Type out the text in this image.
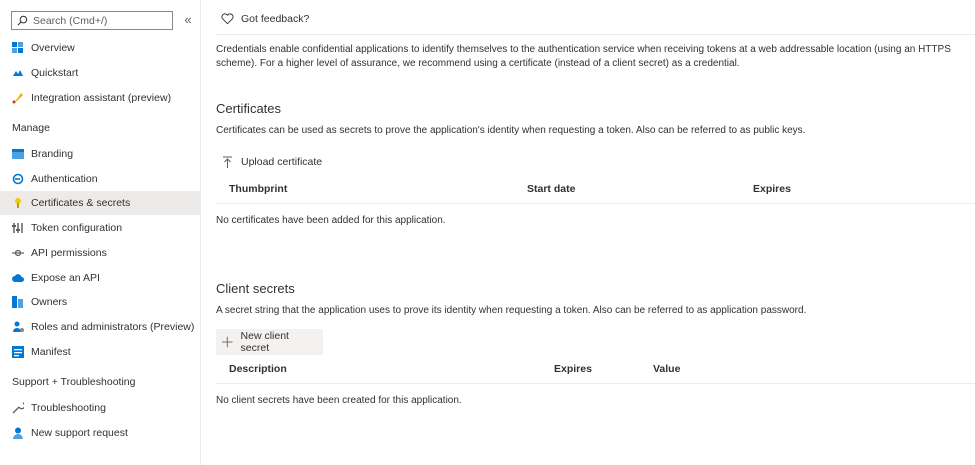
Search (Cmd+/)	«
Overview
Quickstart
Integration assistant (preview)
Manage
Branding
Authentication
Certificates & secrets
Token configuration
API permissions
Expose an API
Owners
Roles and administrators (Preview)
Manifest
Support + Troubleshooting
Troubleshooting
New support request
Got feedback?
Credentials enable confidential applications to identify themselves to the authentication service when receiving tokens at a web addressable location (using an HTTPS scheme). For a higher level of assurance, we recommend using a certificate (instead of a client secret) as a credential.
Certificates
Certificates can be used as secrets to prove the application's identity when requesting a token. Also can be referred to as public keys.
Upload certificate
Thumbprint	Start date	Expires
No certificates have been added for this application.
Client secrets
A secret string that the application uses to prove its identity when requesting a token. Also can be referred to as application password.
New client secret
Description	Expires	Value
No client secrets have been created for this application.
